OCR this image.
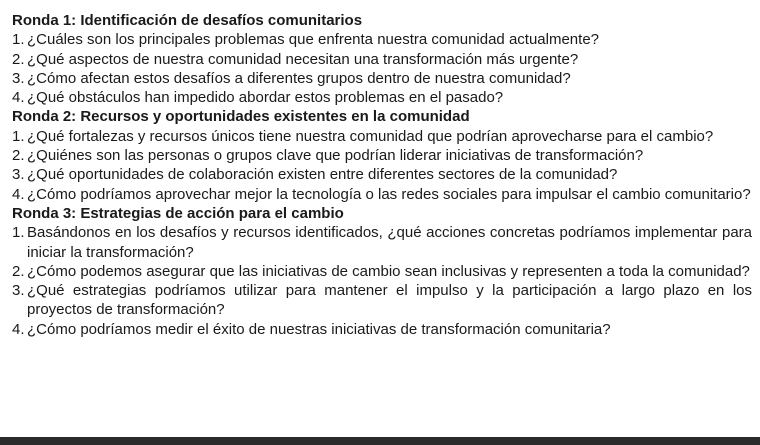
Ronda 1: Identificación de desafíos comunitarios
1. ¿Cuáles son los principales problemas que enfrenta nuestra comunidad actualmente?
2. ¿Qué aspectos de nuestra comunidad necesitan una transformación más urgente?
3. ¿Cómo afectan estos desafíos a diferentes grupos dentro de nuestra comunidad?
4. ¿Qué obstáculos han impedido abordar estos problemas en el pasado?
Ronda 2: Recursos y oportunidades existentes en la comunidad
1. ¿Qué fortalezas y recursos únicos tiene nuestra comunidad que podrían aprovecharse para el cambio?
2. ¿Quiénes son las personas o grupos clave que podrían liderar iniciativas de transformación?
3. ¿Qué oportunidades de colaboración existen entre diferentes sectores de la comunidad?
4. ¿Cómo podríamos aprovechar mejor la tecnología o las redes sociales para impulsar el cambio comunitario?
Ronda 3: Estrategias de acción para el cambio
1. Basándonos en los desafíos y recursos identificados, ¿qué acciones concretas podríamos implementar para iniciar la transformación?
2. ¿Cómo podemos asegurar que las iniciativas de cambio sean inclusivas y representen a toda la comunidad?
3. ¿Qué estrategias podríamos utilizar para mantener el impulso y la participación a largo plazo en los proyectos de transformación?
4. ¿Cómo podríamos medir el éxito de nuestras iniciativas de transformación comunitaria?
